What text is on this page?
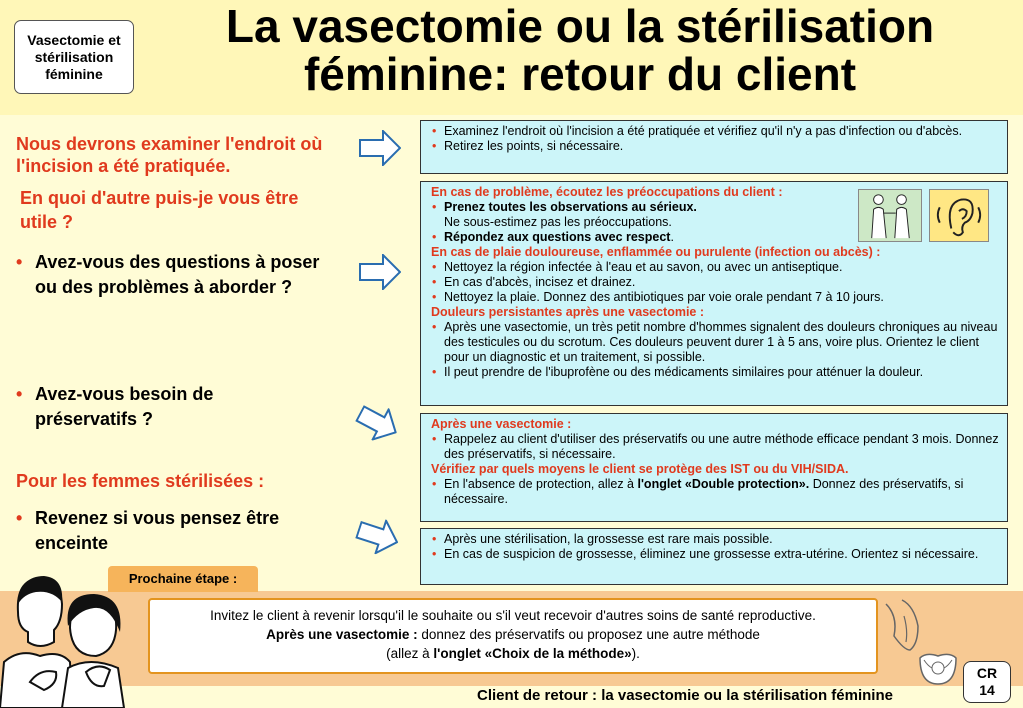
Vasectomie et stérilisation féminine
La vasectomie ou la stérilisation féminine: retour du client
Nous devrons examiner l'endroit où l'incision a été pratiquée.
En quoi d'autre puis-je vous être utile ?
• Avez-vous des questions à poser ou des problèmes à aborder ?
• Avez-vous besoin de préservatifs ?
Pour les femmes stérilisées :
• Revenez si vous pensez être enceinte
• Examinez l'endroit où l'incision a été pratiquée et vérifiez qu'il n'y a pas d'infection ou d'abcès.
• Retirez les points, si nécessaire.
En cas de problème, écoutez les préoccupations du client :
• Prenez toutes les observations au sérieux.
Ne sous-estimez pas les préoccupations.
• Répondez aux questions avec respect.
En cas de plaie douloureuse, enflammée ou purulente (infection ou abcès) :
• Nettoyez la région infectée à l'eau et au savon, ou avec un antiseptique.
• En cas d'abcès, incisez et drainez.
• Nettoyez la plaie. Donnez des antibiotiques par voie orale pendant 7 à 10 jours.
Douleurs persistantes après une vasectomie :
• Après une vasectomie, un très petit nombre d'hommes signalent des douleurs chroniques au niveau des testicules ou du scrotum. Ces douleurs peuvent durer 1 à 5 ans, voire plus. Orientez le client pour un diagnostic et un traitement, si possible.
• Il peut prendre de l'ibuprofène ou des médicaments similaires pour atténuer la douleur.
Après une vasectomie :
• Rappelez au client d'utiliser des préservatifs ou une autre méthode efficace pendant 3 mois. Donnez des préservatifs, si nécessaire.
Vérifiez par quels moyens le client se protège des IST ou du VIH/SIDA.
• En l'absence de protection, allez à l'onglet «Double protection». Donnez des préservatifs, si nécessaire.
• Après une stérilisation, la grossesse est rare mais possible.
• En cas de suspicion de grossesse, éliminez une grossesse extra-utérine. Orientez si nécessaire.
Prochaine étape :
Invitez le client à revenir lorsqu'il le souhaite ou s'il veut recevoir d'autres soins de santé reproductive.
Après une vasectomie : donnez des préservatifs ou proposez une autre méthode
(allez à l'onglet «Choix de la méthode»).
Client de retour : la vasectomie ou la stérilisation féminine
CR
14
